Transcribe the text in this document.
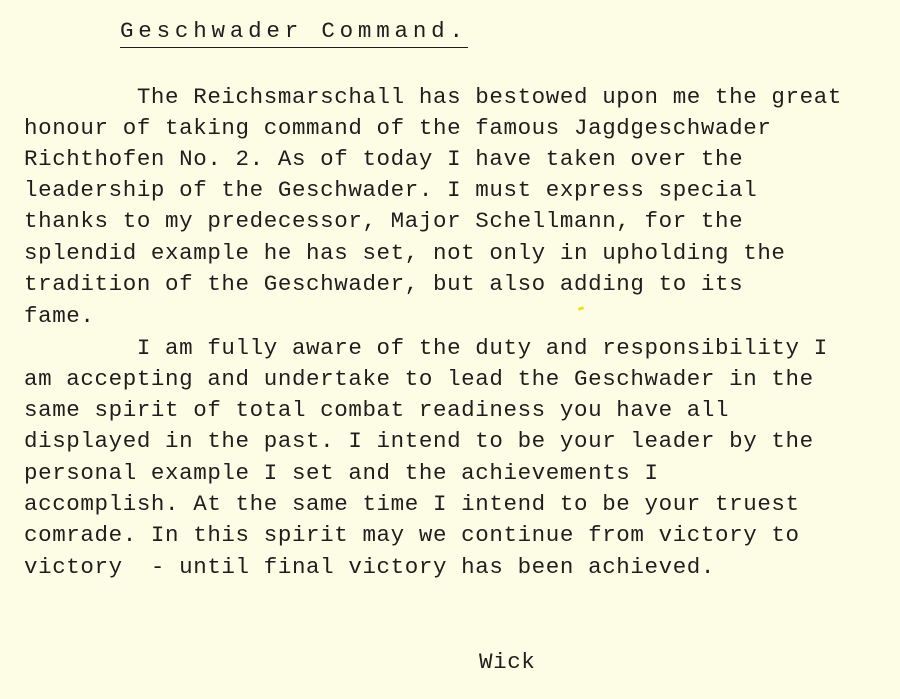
Geschwader Command.
The Reichsmarschall has bestowed upon me the great
honour of taking command of the famous Jagdgeschwader
Richthofen No. 2. As of today I have taken over the
leadership of the Geschwader. I must express special
thanks to my predecessor, Major Schellmann, for the
splendid example he has set, not only in upholding the
tradition of the Geschwader, but also adding to its
fame.
I am fully aware of the duty and responsibility I
am accepting and undertake to lead the Geschwader in the
same spirit of total combat readiness you have all
displayed in the past. I intend to be your leader by the
personal example I set and the achievements I
accomplish. At the same time I intend to be your truest
comrade. In this spirit may we continue from victory to
victory  - until final victory has been achieved.
Wick
